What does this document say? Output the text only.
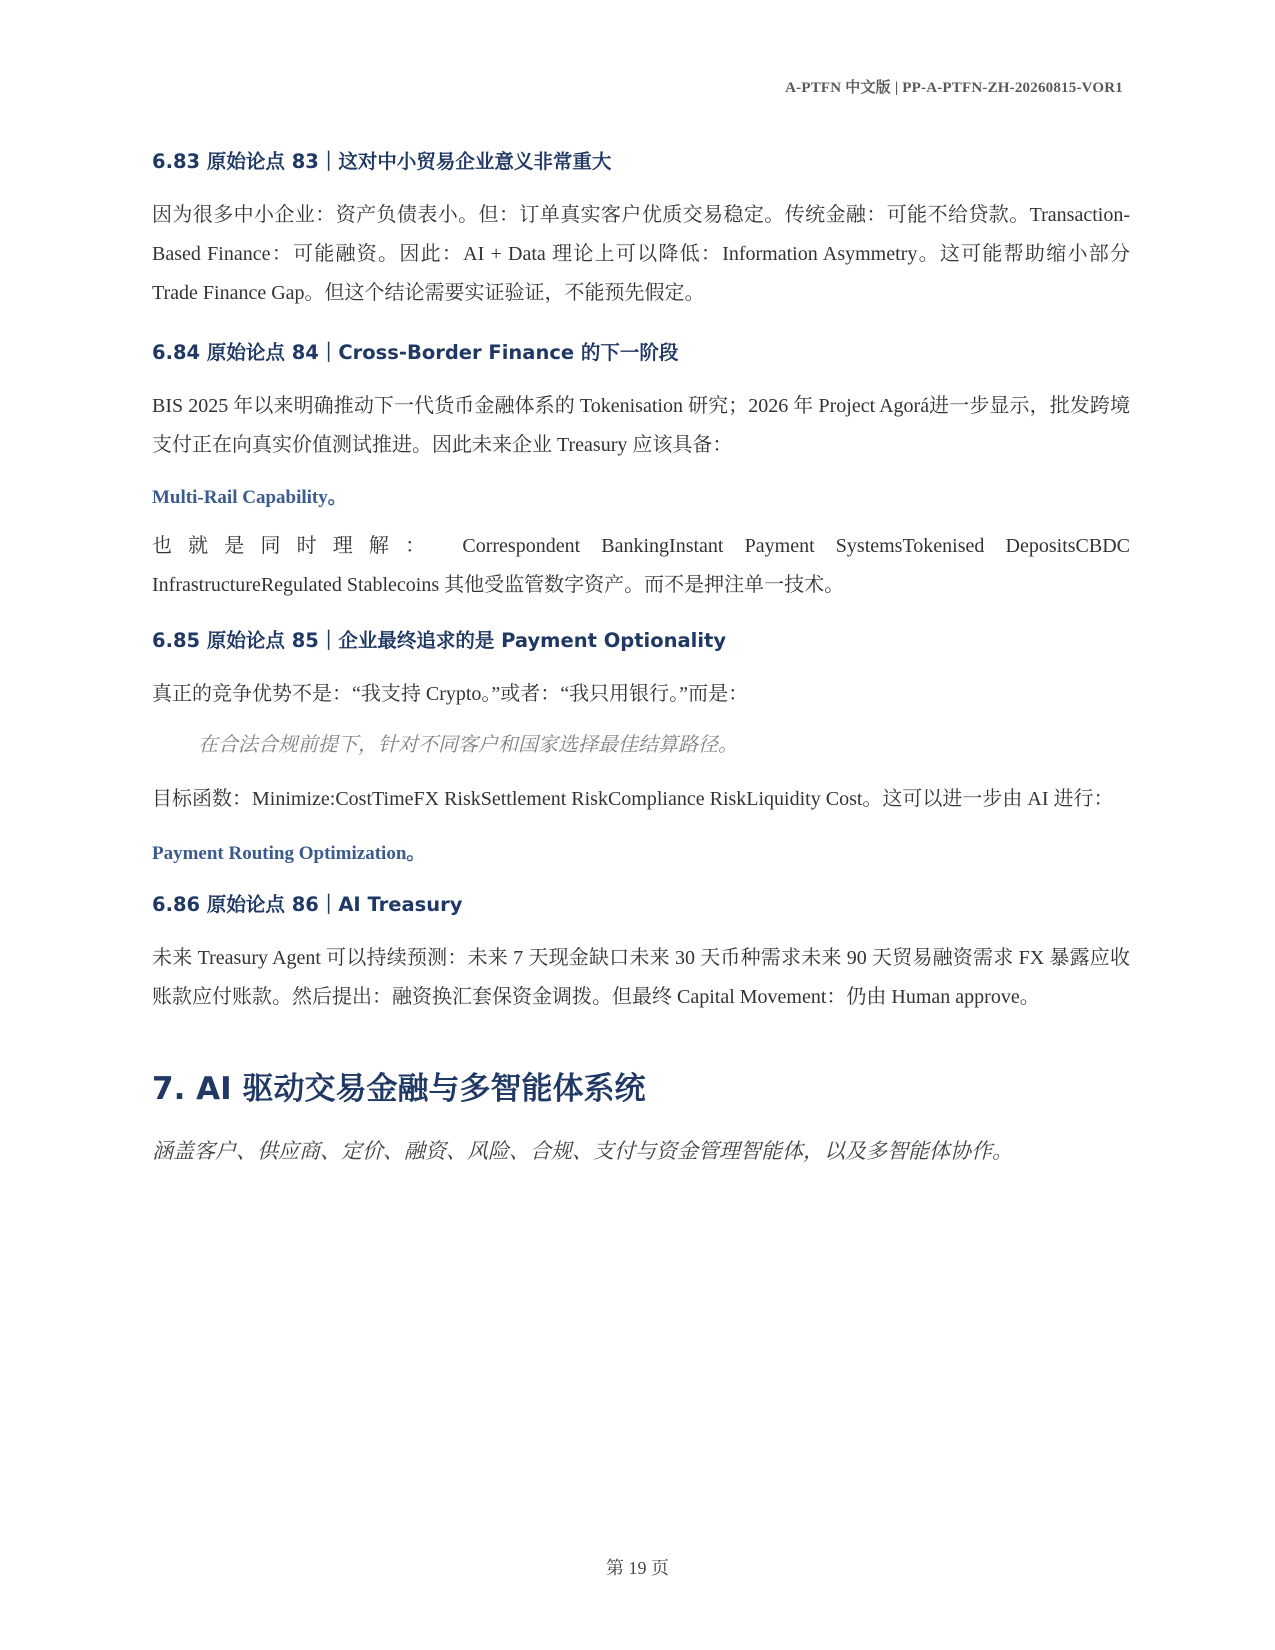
A-PTFN 中文版 | PP-A-PTFN-ZH-20260815-VOR1
6.83 原始论点 83｜这对中小贸易企业意义非常重大

因为很多中小企业：资产负债表小。但：订单真实客户优质交易稳定。传统金融：可能不给贷款。Transaction-Based Finance：可能融资。因此：AI + Data 理论上可以降低：Information Asymmetry。这可能帮助缩小部分 Trade Finance Gap。但这个结论需要实证验证，不能预先假定。

6.84 原始论点 84｜Cross-Border Finance 的下一阶段

BIS 2025 年以来明确推动下一代货币金融体系的 Tokenisation 研究；2026 年 Project Agorá进一步显示，批发跨境支付正在向真实价值测试推进。因此未来企业 Treasury 应该具备：

Multi-Rail Capability。

也就是同时理解： Correspondent BankingInstant Payment SystemsTokenised DepositsCBDC

InfrastructureRegulated Stablecoins 其他受监管数字资产。而不是押注单一技术。

6.85 原始论点 85｜企业最终追求的是 Payment Optionality

真正的竞争优势不是：“我支持 Crypto。”或者：“我只用银行。”而是：

在合法合规前提下，针对不同客户和国家选择最佳结算路径。

目标函数：Minimize:CostTimeFX RiskSettlement RiskCompliance RiskLiquidity Cost。这可以进一步由 AI 进行：

Payment Routing Optimization。
6.86 原始论点 86｜AI Treasury

未来 Treasury Agent 可以持续预测：未来 7 天现金缺口未来 30 天币种需求未来 90 天贸易融资需求 FX 暴露应收账款应付账款。然后提出：融资换汇套保资金调拨。但最终 Capital Movement：仍由 Human approve。

7. AI 驱动交易金融与多智能体系统

涵盖客户、供应商、定价、融资、风险、合规、支付与资金管理智能体，以及多智能体协作。

第 19 页
